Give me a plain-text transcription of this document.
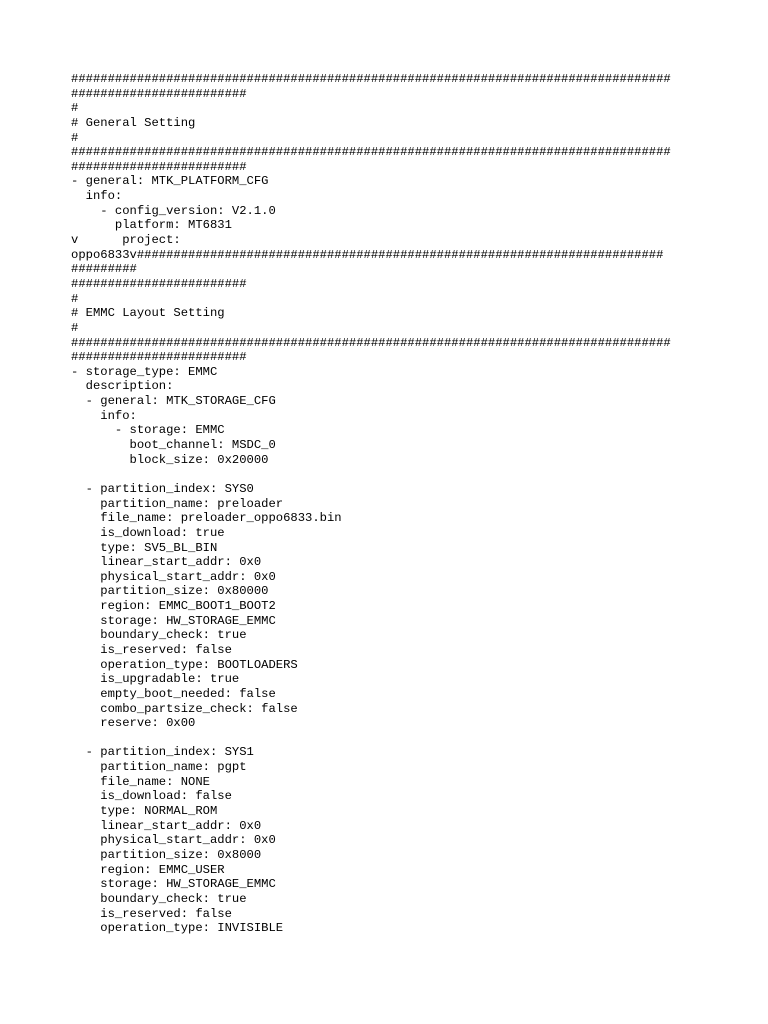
##################################################################################
########################
#
# General Setting
#
##################################################################################
########################
- general: MTK_PLATFORM_CFG
info:
- config_version: V2.1.0
platform: MT6831
v      project:
oppo6833v########################################################################
#########
########################
#
# EMMC Layout Setting
#
##################################################################################
########################
- storage_type: EMMC
description:
- general: MTK_STORAGE_CFG
info:
- storage: EMMC
boot_channel: MSDC_0
block_size: 0x20000
- partition_index: SYS0
partition_name: preloader
file_name: preloader_oppo6833.bin
is_download: true
type: SV5_BL_BIN
linear_start_addr: 0x0
physical_start_addr: 0x0
partition_size: 0x80000
region: EMMC_BOOT1_BOOT2
storage: HW_STORAGE_EMMC
boundary_check: true
is_reserved: false
operation_type: BOOTLOADERS
is_upgradable: true
empty_boot_needed: false
combo_partsize_check: false
reserve: 0x00
- partition_index: SYS1
partition_name: pgpt
file_name: NONE
is_download: false
type: NORMAL_ROM
linear_start_addr: 0x0
physical_start_addr: 0x0
partition_size: 0x8000
region: EMMC_USER
storage: HW_STORAGE_EMMC
boundary_check: true
is_reserved: false
operation_type: INVISIBLE
